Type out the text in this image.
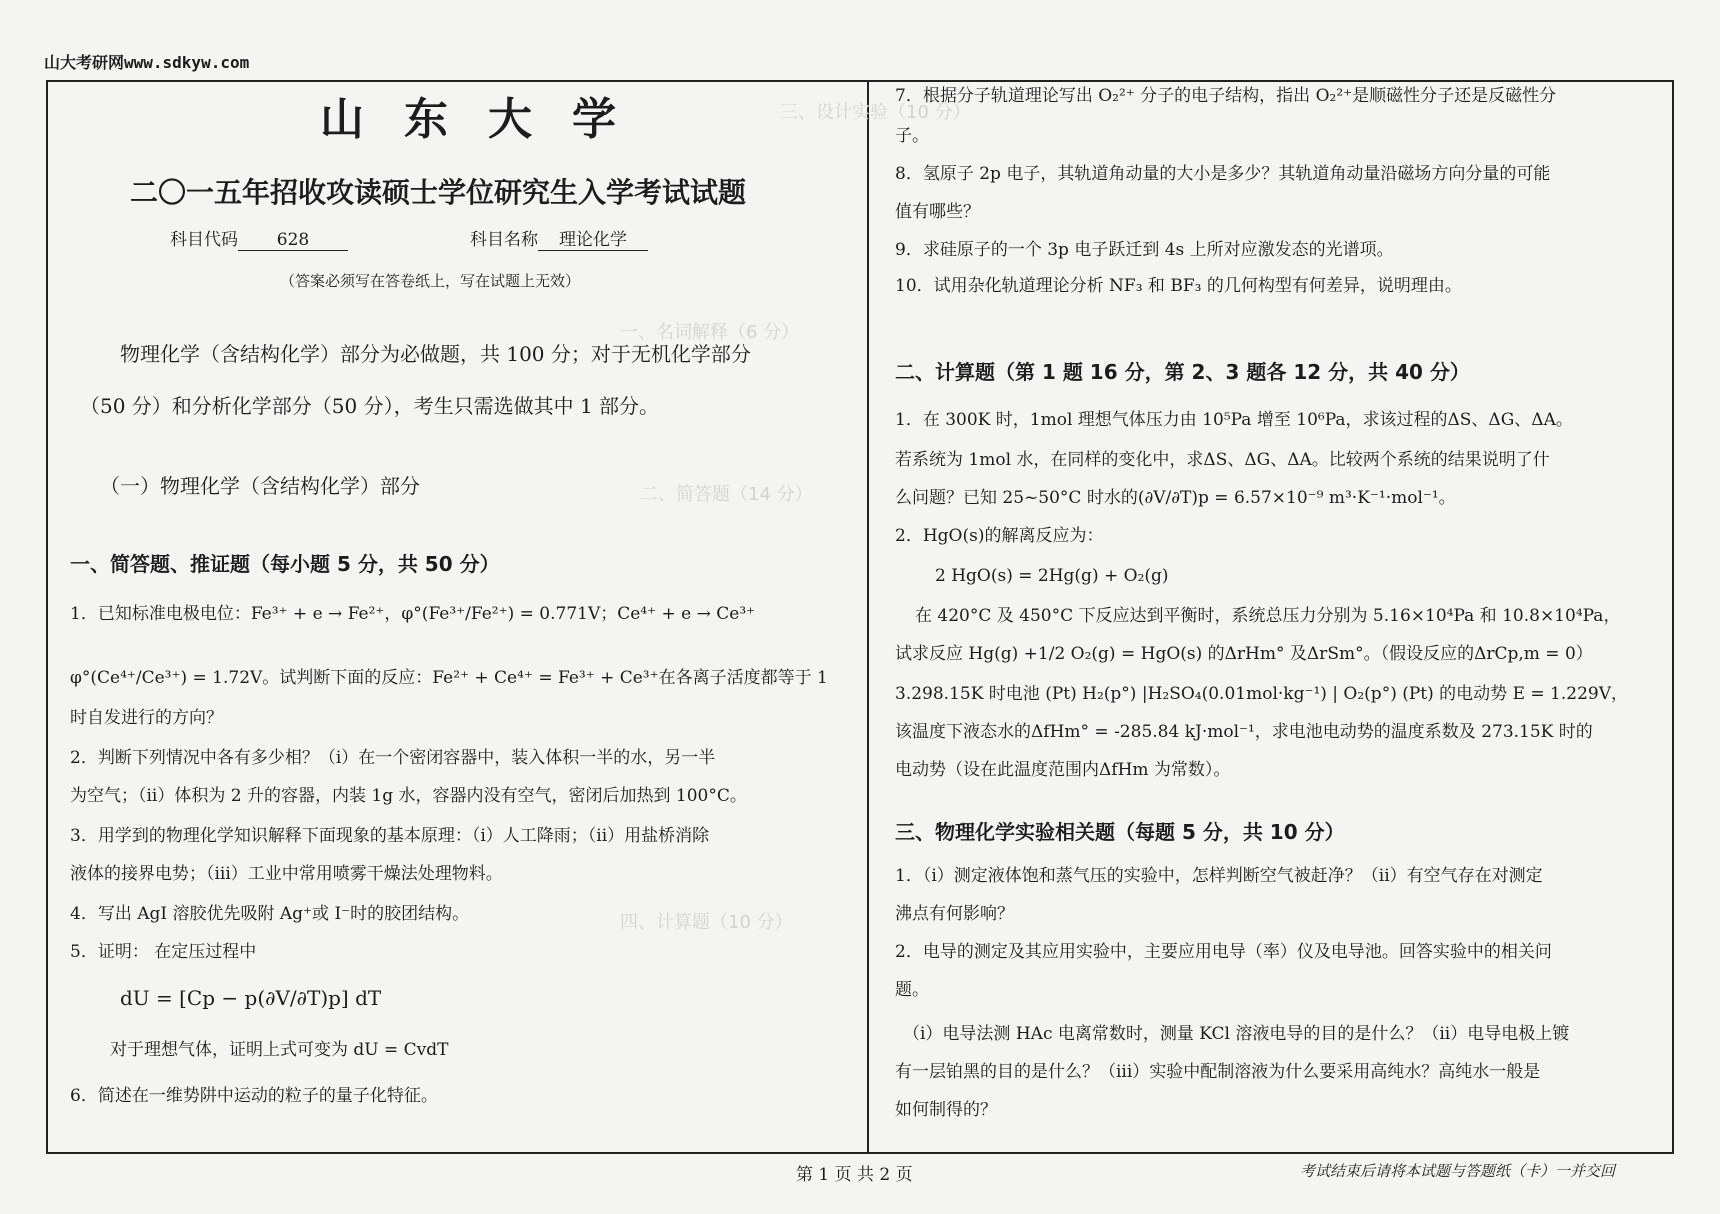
山大考研网www.sdkyw.com
三、设计实验（10 分）
一、名词解释（6 分）
二、简答题（14 分）
四、计算题（10 分）
山东大学
二〇一五年招收攻读硕士学位研究生入学考试试题
科目代码 628	科目名称 理论化学
（答案必须写在答卷纸上，写在试题上无效）
物理化学（含结构化学）部分为必做题，共 100 分；对于无机化学部分
（50 分）和分析化学部分（50 分），考生只需选做其中 1 部分。
（一）物理化学（含结构化学）部分
一、简答题、推证题（每小题 5 分，共 50 分）
1．已知标准电极电位：Fe³⁺ + e → Fe²⁺，φ°(Fe³⁺/Fe²⁺) = 0.771V；Ce⁴⁺ + e → Ce³⁺
φ°(Ce⁴⁺/Ce³⁺) = 1.72V。试判断下面的反应：Fe²⁺ + Ce⁴⁺ = Fe³⁺ + Ce³⁺在各离子活度都等于 1
时自发进行的方向？
2．判断下列情况中各有多少相？（i）在一个密闭容器中，装入体积一半的水，另一半
为空气；（ii）体积为 2 升的容器，内装 1g 水，容器内没有空气，密闭后加热到 100°C。
3．用学到的物理化学知识解释下面现象的基本原理：（i）人工降雨；（ii）用盐桥消除
液体的接界电势；（iii）工业中常用喷雾干燥法处理物料。
4．写出 AgI 溶胶优先吸附 Ag⁺或 I⁻时的胶团结构。
5．证明： 在定压过程中
dU = [Cp − p(∂V/∂T)p] dT
对于理想气体，证明上式可变为 dU = CvdT
6．简述在一维势阱中运动的粒子的量子化特征。
7．根据分子轨道理论写出 O₂²⁺ 分子的电子结构，指出 O₂²⁺是顺磁性分子还是反磁性分
子。
8．氢原子 2p 电子，其轨道角动量的大小是多少？其轨道角动量沿磁场方向分量的可能
值有哪些？
9．求硅原子的一个 3p 电子跃迁到 4s 上所对应激发态的光谱项。
10．试用杂化轨道理论分析 NF₃ 和 BF₃ 的几何构型有何差异，说明理由。
二、计算题（第 1 题 16 分，第 2、3 题各 12 分，共 40 分）
1．在 300K 时，1mol 理想气体压力由 10⁵Pa 增至 10⁶Pa，求该过程的ΔS、ΔG、ΔA。
若系统为 1mol 水，在同样的变化中，求ΔS、ΔG、ΔA。比较两个系统的结果说明了什
么问题？已知 25~50°C 时水的(∂V/∂T)p = 6.57×10⁻⁹ m³·K⁻¹·mol⁻¹。
2．HgO(s)的解离反应为：
2 HgO(s) = 2Hg(g) + O₂(g)
在 420°C 及 450°C 下反应达到平衡时，系统总压力分别为 5.16×10⁴Pa 和 10.8×10⁴Pa，
试求反应 Hg(g) +1/2 O₂(g) = HgO(s) 的ΔrHm° 及ΔrSm°。（假设反应的ΔrCp,m = 0）
3.298.15K 时电池 (Pt) H₂(p°) |H₂SO₄(0.01mol·kg⁻¹) | O₂(p°) (Pt) 的电动势 E = 1.229V，
该温度下液态水的ΔfHm° = -285.84 kJ·mol⁻¹，求电池电动势的温度系数及 273.15K 时的
电动势（设在此温度范围内ΔfHm 为常数）。
三、物理化学实验相关题（每题 5 分，共 10 分）
1．（i）测定液体饱和蒸气压的实验中，怎样判断空气被赶净？（ii）有空气存在对测定
沸点有何影响？
2．电导的测定及其应用实验中，主要应用电导（率）仪及电导池。回答实验中的相关问
题。
（i）电导法测 HAc 电离常数时，测量 KCl 溶液电导的目的是什么？（ii）电导电极上镀
有一层铂黑的目的是什么？（iii）实验中配制溶液为什么要采用高纯水？高纯水一般是
如何制得的？
第 1 页 共 2 页	考试结束后请将本试题与答题纸（卡）一并交回
